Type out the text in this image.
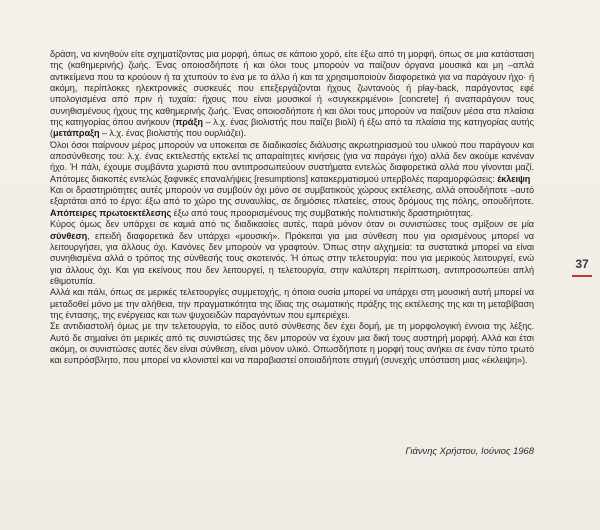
δράση, να κινηθούν είτε σχηματίζοντας μια μορφή, όπως σε κάποιο χορό, είτε έξω από τη μορφή, όπως σε μια κατάσταση της (καθημερινής) ζωής. Ένας οποιοσδήποτε ή και όλοι τους μπορούν να παίζουν όργανα μουσικά και μη –απλά αντικείμενα που τα κρούουν ή τα χτυπούν το ένα με το άλλο ή και τα χρησιμοποιούν διαφορετικά για να παράγουν ήχο· ή ακόμη, περίπλοκες ηλεκτρονικές συσκευές που επεξεργάζονται ήχους ζωντανούς ή play-back, παράγοντας εφέ υπολογισμένα από πριν ή τυχαία: ήχους που είναι μουσικοί ή «συγκεκριμένοι» [concrete] ή αναπαράγουν τους συνηθισμένους ήχους της καθημερινής ζωής. Ένας οποιοσδήποτε ή και όλοι τους μπορούν να παίζουν μέσα στα πλαίσια της κατηγορίας όπου ανήκουν (πράξη – λ.χ. ένας βιολιστής που παίζει βιολί) ή έξω από τα πλαίσια της κατηγορίας αυτής (μετάπραξη – λ.χ. ένας βιολιστής που ουρλιάζει).

Όλοι όσοι παίρνουν μέρος μπορούν να υποκειται σε διαδικασίες διάλυσης ακρωτηριασμού του υλικού που παράγουν και αποσύνθεσης του: λ.χ. ένας εκτελεστής εκτελεί τις απαραίτητες κινήσεις (για να παράγει ήχο) αλλά δεν ακούμε κανέναν ήχο. Ή πάλι, έχουμε συμβάντα χωριστά που αντιπροσωπεύουν συστήματα εντελώς διαφορετικά αλλά που γίνονται μαζί. Απότομες διακοπές εντελώς ξαφνικές επαναλήψεις [resumptions] κατακερματισμού υπερβολές παραμορφώσεις: έκλειψη

Και οι δραστηριότητες αυτές μπορούν να συμβούν όχι μόνο σε συμβατικούς χώρους εκτέλεσης, αλλά οπουδήποτε –αυτό εξαρτάται από το έργο: έξω από το χώρο της συναυλίας, σε δημόσιες πλατείες, στους δρόμους της πόλης, οπουδήποτε. Απόπειρες πρωτοεκτέλεσης έξω από τους προορισμένους της συμβατικής πολιτιστικής δραστηριότητας.

Κύρος όμως δεν υπάρχει σε καμιά από τις διαδικασίες αυτές, παρά μόνον όταν οι συνιστώσες τους σμίξουν σε μία σύνθεση, επειδή διαφορετικά δεν υπάρχει «μουσική». Πρόκειται για μια σύνθεση που για ορισμένους μπορεί να λειτουργήσει, για άλλους όχι. Κανόνες δεν μπορούν να γραφτούν. Όπως στην αλχημεία: τα συστατικά μπορεί να είναι συνηθισμένα αλλά ο τρόπος της σύνθεσής τους σκοτεινός. Ή όπως στην τελετουργία: που για μερικούς λειτουργεί, ενώ για άλλους όχι. Και για εκείνους που δεν λειτουργεί, η τελετουργία, στην καλύτερη περίπτωση, αντιπροσωπεύει απλή εθιμοτυπία.

Αλλά και πάλι, όπως σε μερικές τελετουργίες συμμετοχής, η όποια ουσία μπορεί να υπάρχει στη μουσική αυτή μπορεί να μεταδοθεί μόνο με την αλήθεια, την πραγματικότητα της ίδιας της σωματικής πράξης της εκτέλεσης της και τη μεταβίβαση της έντασης, της ενέργειας και των ψυχοειδών παραγόντων που εμπεριέχει.

Σε αντιδιαστολή όμως με την τελετουργία, το είδος αυτό σύνθεσης δεν έχει δομή, με τη μορφολογική έννοια της λέξης. Αυτό δε σημαίνει ότι μερικές από τις συνιστώσες της δεν μπορούν να έχουν μια δική τους αυστηρή μορφή. Αλλά και έτσι ακόμη, οι συνιστώσες αυτές δεν είναι σύνθεση, είναι μόνον υλικό. Οπωσδήποτε η μορφή τους ανήκει σε έναν τύπο τρωτό και ευπρόσβλητο, που μπορεί να κλονιστεί και να παραβιαστεί οποιαδήποτε στιγμή (συνεχής υπόσταση μιας «έκλειψη»).

Γιάννης Χρήστου, Ιούνιος 1968
37
